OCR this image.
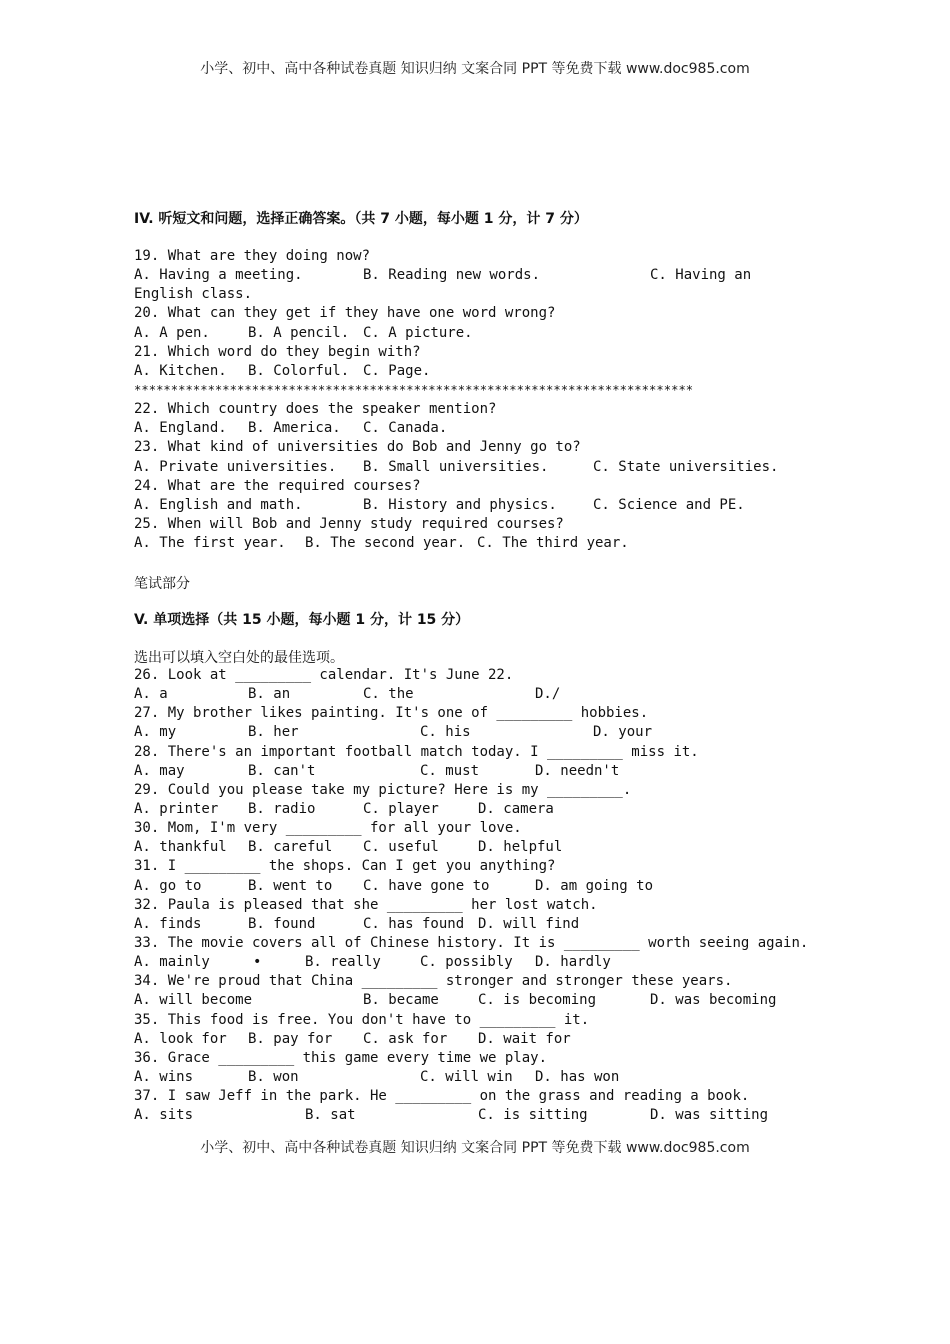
小学、初中、高中各种试卷真题 知识归纳 文案合同 PPT 等免费下载 www.doc985.com
IV. 听短文和问题，选择正确答案。（共 7 小题，每小题 1 分，计 7 分）
19. What are they doing now?

A. Having a meeting.

	B. Reading new words.

	C. Having an

English class.
20. What can they get if they have one word wrong?

A. A pen.

	B. A pencil.

C. A picture.

21. Which word do they begin with?

A. Kitchen.

B. Colorful.

C. Page.

****************************************************************************
22. Which country does the speaker mention?

A. England.

B. America.

C. Canada.

23. What kind of universities do Bob and Jenny go to?

A. Private universities.

B. Small universities.

	C. State universities.

24. What are the required courses?

A. English and math.

	B. History and physics.

	C. Science and PE.

25. When will Bob and Jenny study required courses?

A. The first year.

B. The second year.

C. The third year.

笔试部分
V. 单项选择（共 15 小题，每小题 1 分，计 15 分）
选出可以填入空白处的最佳选项。
26. Look at _________ calendar. It's June 22.

A. a

	B. an

	C. the

	D./

27. My brother likes painting. It's one of _________ hobbies.

A. my

	B. her

	C. his

	D. your

28. There's an important football match today. I _________ miss it.

A. may

	B. can't

	C. must

	D. needn't

29. Could you please take my picture? Here is my _________.

A. printer

B. radio

	C. player

	D. camera

30. Mom, I'm very _________ for all your love.

A. thankful

B. careful

C. useful

	D. helpful

31. I _________ the shops. Can I get you anything?

A. go to

	B. went to

C. have gone to

	D. am going to

32. Paula is pleased that she _________ her lost watch.

A. finds

	B. found

	C. has found

D. will find

33. The movie covers all of Chinese history. It is _________ worth seeing again.

A. mainly

	•

	B. really

	C. possibly

D. hardly

34. We're proud that China _________ stronger and stronger these years.

A. will become

	B. became

	C. is becoming

	D. was becoming

35. This food is free. You don't have to _________ it.

A. look for

B. pay for

C. ask for

D. wait for

36. Grace _________ this game every time we play.

A. wins

	B. won

	C. will win

D. has won

37. I saw Jeff in the park. He _________ on the grass and reading a book.

A. sits

	B. sat

	C. is sitting

	D. was sitting

小学、初中、高中各种试卷真题 知识归纳 文案合同 PPT 等免费下载 www.doc985.com
